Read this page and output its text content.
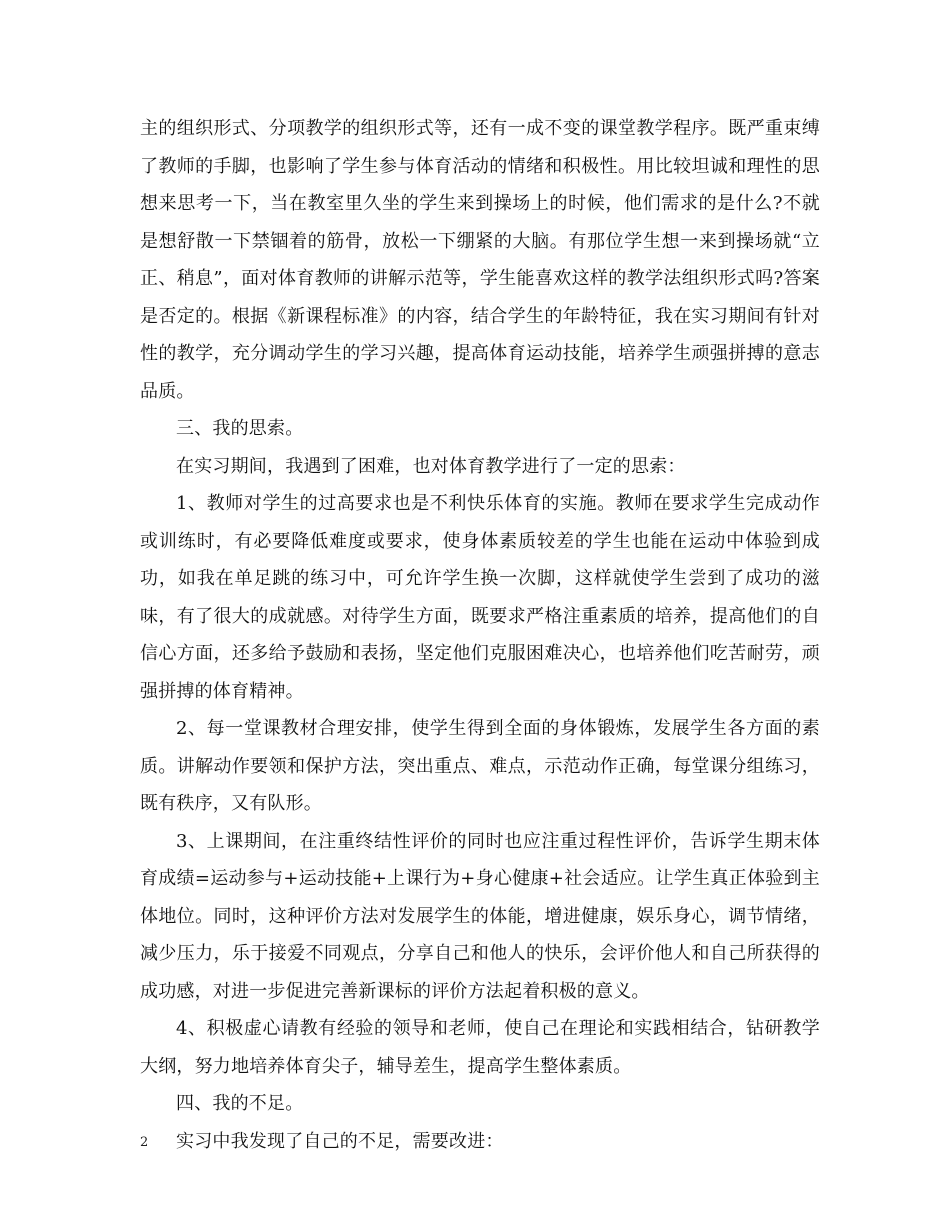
主的组织形式、分项教学的组织形式等，还有一成不变的课堂教学程序。既严重束缚了教师的手脚，也影响了学生参与体育活动的情绪和积极性。用比较坦诚和理性的思想来思考一下，当在教室里久坐的学生来到操场上的时候，他们需求的是什么?不就是想舒散一下禁锢着的筋骨，放松一下绷紧的大脑。有那位学生想一来到操场就“立正、稍息”，面对体育教师的讲解示范等，学生能喜欢这样的教学法组织形式吗?答案是否定的。根据《新课程标准》的内容，结合学生的年龄特征，我在实习期间有针对性的教学，充分调动学生的学习兴趣，提高体育运动技能，培养学生顽强拼搏的意志品质。

三、我的思索。

在实习期间，我遇到了困难，也对体育教学进行了一定的思索：

1、教师对学生的过高要求也是不利快乐体育的实施。教师在要求学生完成动作或训练时，有必要降低难度或要求，使身体素质较差的学生也能在运动中体验到成功，如我在单足跳的练习中，可允许学生换一次脚，这样就使学生尝到了成功的滋味，有了很大的成就感。对待学生方面，既要求严格注重素质的培养，提高他们的自信心方面，还多给予鼓励和表扬，坚定他们克服困难决心，也培养他们吃苦耐劳，顽强拼搏的体育精神。

2、每一堂课教材合理安排，使学生得到全面的身体锻炼，发展学生各方面的素质。讲解动作要领和保护方法，突出重点、难点，示范动作正确，每堂课分组练习，既有秩序，又有队形。

3、上课期间，在注重终结性评价的同时也应注重过程性评价，告诉学生期末体育成绩=运动参与+运动技能+上课行为+身心健康+社会适应。让学生真正体验到主体地位。同时，这种评价方法对发展学生的体能，增进健康，娱乐身心，调节情绪，减少压力，乐于接爱不同观点，分享自己和他人的快乐，会评价他人和自己所获得的成功感，对进一步促进完善新课标的评价方法起着积极的意义。

4、积极虚心请教有经验的领导和老师，使自己在理论和实践相结合，钻研教学大纲，努力地培养体育尖子，辅导差生，提高学生整体素质。

四、我的不足。

实习中我发现了自己的不足，需要改进：

2
